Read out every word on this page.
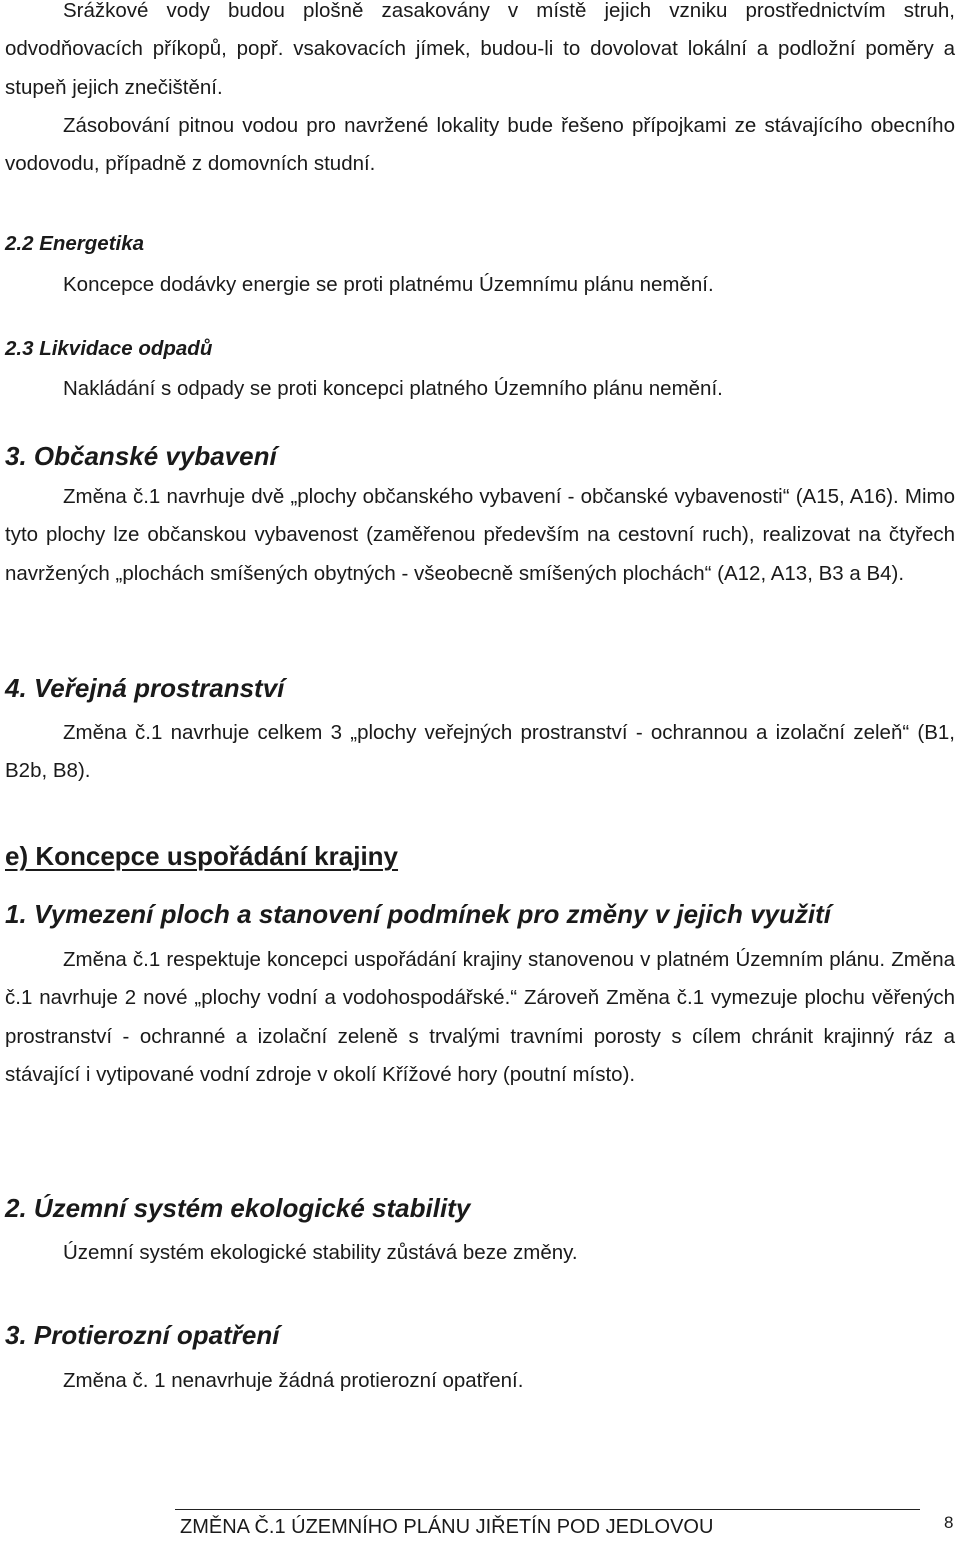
Srážkové vody budou plošně zasakovány v místě jejich vzniku prostřednictvím struh, odvodňovacích příkopů, popř. vsakovacích jímek, budou-li to dovolovat lokální a podložní poměry a stupeň jejich znečištění.

Zásobování pitnou vodou pro navržené lokality bude řešeno přípojkami ze stávajícího obecního vodovodu, případně z domovních studní.

2.2 Energetika

Koncepce dodávky energie se proti platnému Územnímu plánu nemění.

2.3 Likvidace odpadů

Nakládání s odpady se proti koncepci platného Územního plánu nemění.

3. Občanské vybavení

Změna č.1 navrhuje dvě „plochy občanského vybavení - občanské vybavenosti“ (A15, A16). Mimo tyto plochy lze občanskou vybavenost (zaměřenou především na cestovní ruch), realizovat na čtyřech navržených „plochách smíšených obytných - všeobecně smíšených plochách“ (A12, A13, B3 a B4).

4. Veřejná prostranství

Změna č.1 navrhuje celkem 3 „plochy veřejných prostranství - ochrannou a izolační zeleň“ (B1, B2b, B8).

e) Koncepce uspořádání krajiny
1. Vymezení ploch a stanovení podmínek pro změny v jejich využití

Změna č.1 respektuje koncepci uspořádání krajiny stanovenou v platném Územním plánu. Změna č.1 navrhuje 2 nové „plochy vodní a vodohospodářské.“ Zároveň Změna č.1 vymezuje plochu věřených prostranství - ochranné a izolační zeleně s trvalými travními porosty s cílem chránit krajinný ráz a stávající i vytipované vodní zdroje v okolí Křížové hory (poutní místo).

2. Územní systém ekologické stability

Územní systém ekologické stability zůstává beze změny.

3. Protierozní opatření

Změna č. 1 nenavrhuje žádná protierozní opatření.

ZMĚNA Č.1 ÚZEMNÍHO PLÁNU JIŘETÍN POD JEDLOVOU	8
